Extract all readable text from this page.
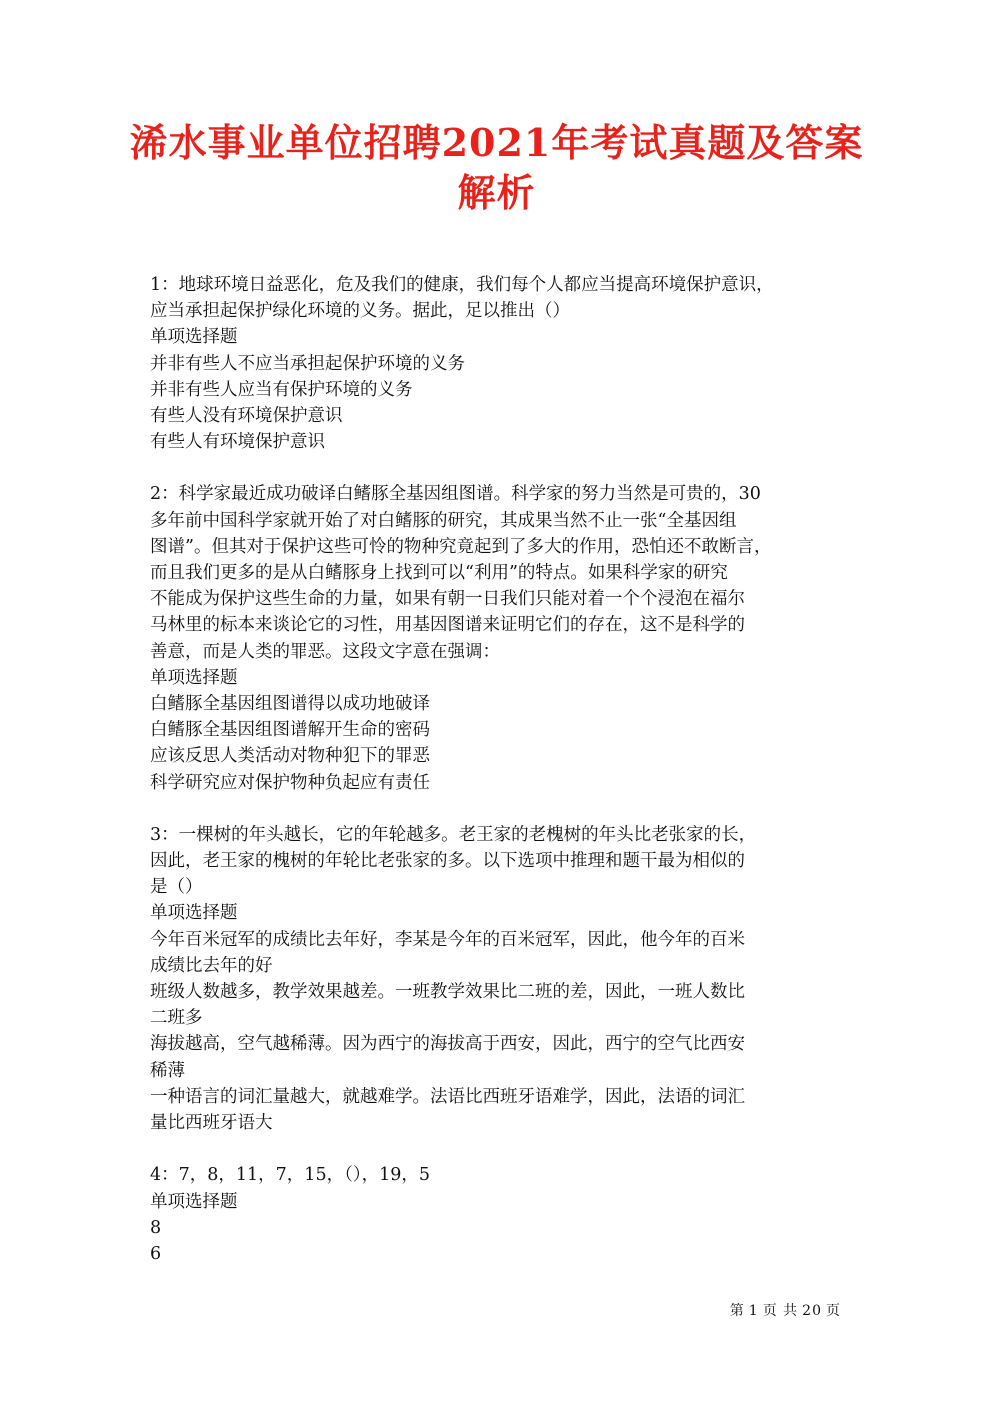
浠水事业单位招聘2021年考试真题及答案
解析
1：地球环境日益恶化，危及我们的健康，我们每个人都应当提高环境保护意识，
应当承担起保护绿化环境的义务。据此，足以推出（）
单项选择题
并非有些人不应当承担起保护环境的义务
并非有些人应当有保护环境的义务
有些人没有环境保护意识
有些人有环境保护意识
2：科学家最近成功破译白鳍豚全基因组图谱。科学家的努力当然是可贵的，30
多年前中国科学家就开始了对白鳍豚的研究，其成果当然不止一张“全基因组
图谱”。但其对于保护这些可怜的物种究竟起到了多大的作用，恐怕还不敢断言，
而且我们更多的是从白鳍豚身上找到可以“利用”的特点。如果科学家的研究
不能成为保护这些生命的力量，如果有朝一日我们只能对着一个个浸泡在福尔
马林里的标本来谈论它的习性，用基因图谱来证明它们的存在，这不是科学的
善意，而是人类的罪恶。这段文字意在强调：
单项选择题
白鳍豚全基因组图谱得以成功地破译
白鳍豚全基因组图谱解开生命的密码
应该反思人类活动对物种犯下的罪恶
科学研究应对保护物种负起应有责任
3：一棵树的年头越长，它的年轮越多。老王家的老槐树的年头比老张家的长，
因此，老王家的槐树的年轮比老张家的多。以下选项中推理和题干最为相似的
是（）
单项选择题
今年百米冠军的成绩比去年好，李某是今年的百米冠军，因此，他今年的百米
成绩比去年的好
班级人数越多，教学效果越差。一班教学效果比二班的差，因此，一班人数比
二班多
海拔越高，空气越稀薄。因为西宁的海拔高于西安，因此，西宁的空气比西安
稀薄
一种语言的词汇量越大，就越难学。法语比西班牙语难学，因此，法语的词汇
量比西班牙语大
4：7，8，11，7，15，（），19，5
单项选择题
8
6
第 1 页 共 20 页
